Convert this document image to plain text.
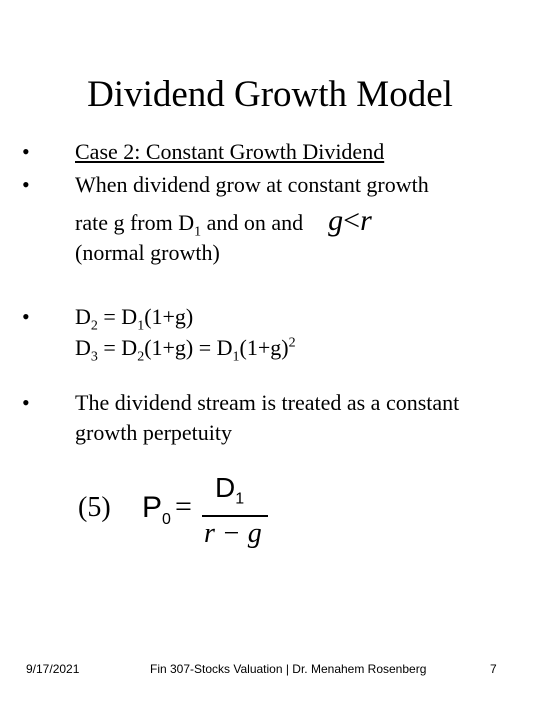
Dividend Growth Model
• Case 2: Constant Growth Dividend
• When dividend grow at constant growth
rate g from $D_1$ and on and g<r
(normal growth)
• $D_2 = D_1(1+g)$
$D_3 = D_2(1+g) = D_1(1+g)^2$
• The dividend stream is treated as a constant
growth perpetuity
(5) $P_0$ =
$D_1$
r − g
9/17/2021	Fin 307-Stocks Valuation | Dr. Menahem Rosenberg	7
